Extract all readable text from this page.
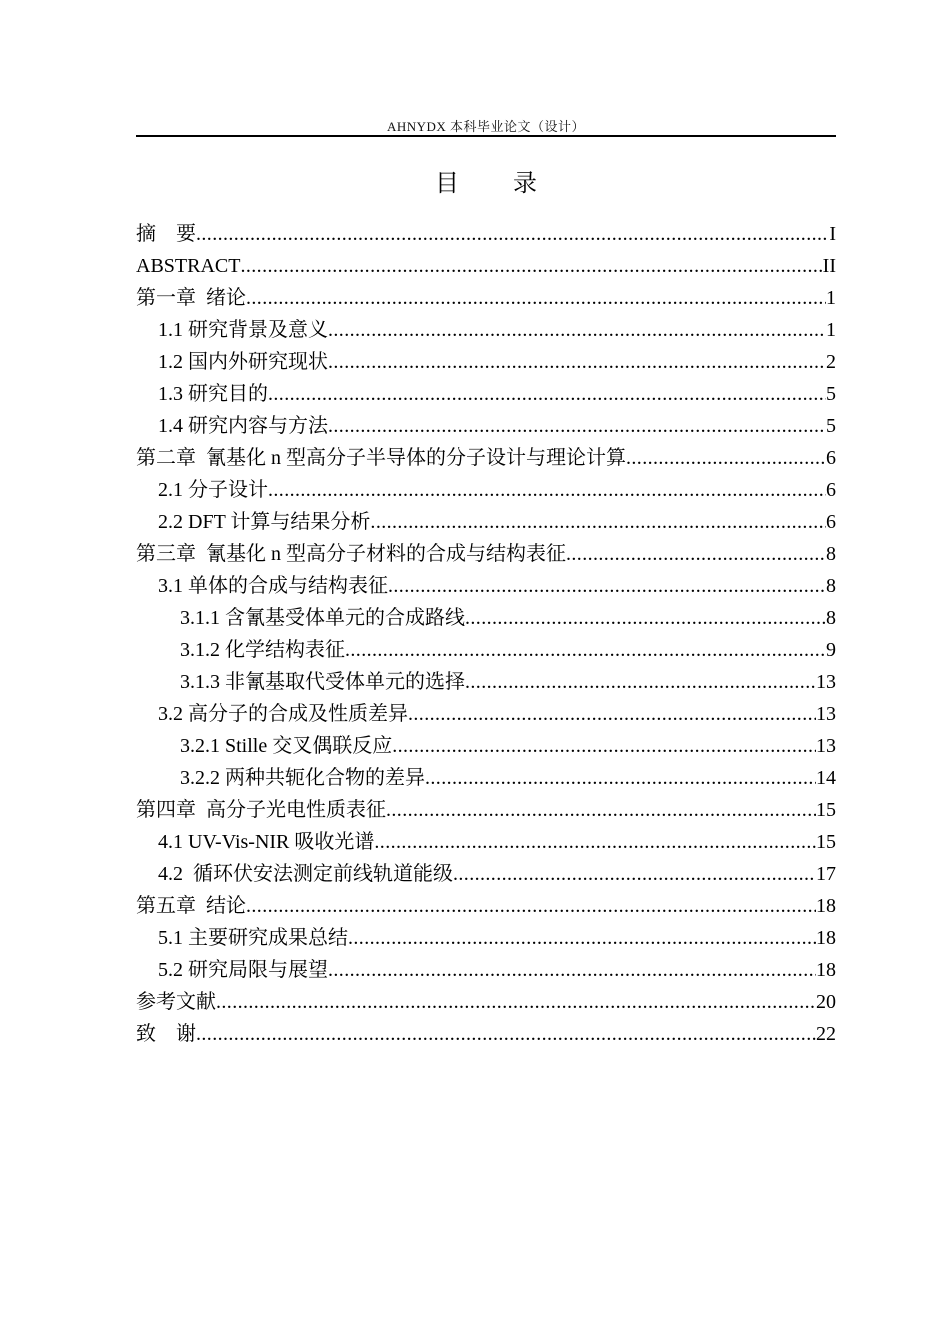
AHNYDX 本科毕业论文（设计）
目 录
摘    要 .....	I
ABSTRACT .....	II
第一章  绪论 .....	1
1.1 研究背景及意义 .....	1
1.2 国内外研究现状 .....	2
1.3 研究目的 .....	5
1.4 研究内容与方法 .....	5
第二章  氰基化 n 型高分子半导体的分子设计与理论计算 .....	6
2.1 分子设计 .....	6
2.2 DFT 计算与结果分析 .....	6
第三章  氰基化 n 型高分子材料的合成与结构表征 .....	8
3.1 单体的合成与结构表征 .....	8
3.1.1 含氰基受体单元的合成路线 .....	8
3.1.2 化学结构表征 .....	9
3.1.3 非氰基取代受体单元的选择 .....	13
3.2 高分子的合成及性质差异 .....	13
3.2.1 Stille 交叉偶联反应 .....	13
3.2.2 两种共轭化合物的差异 .....	14
第四章  高分子光电性质表征 .....	15
4.1 UV-Vis-NIR 吸收光谱 .....	15
4.2  循环伏安法测定前线轨道能级 .....	17
第五章  结论 .....	18
5.1 主要研究成果总结 .....	18
5.2 研究局限与展望 .....	18
参考文献 .....	20
致    谢 .....	22
